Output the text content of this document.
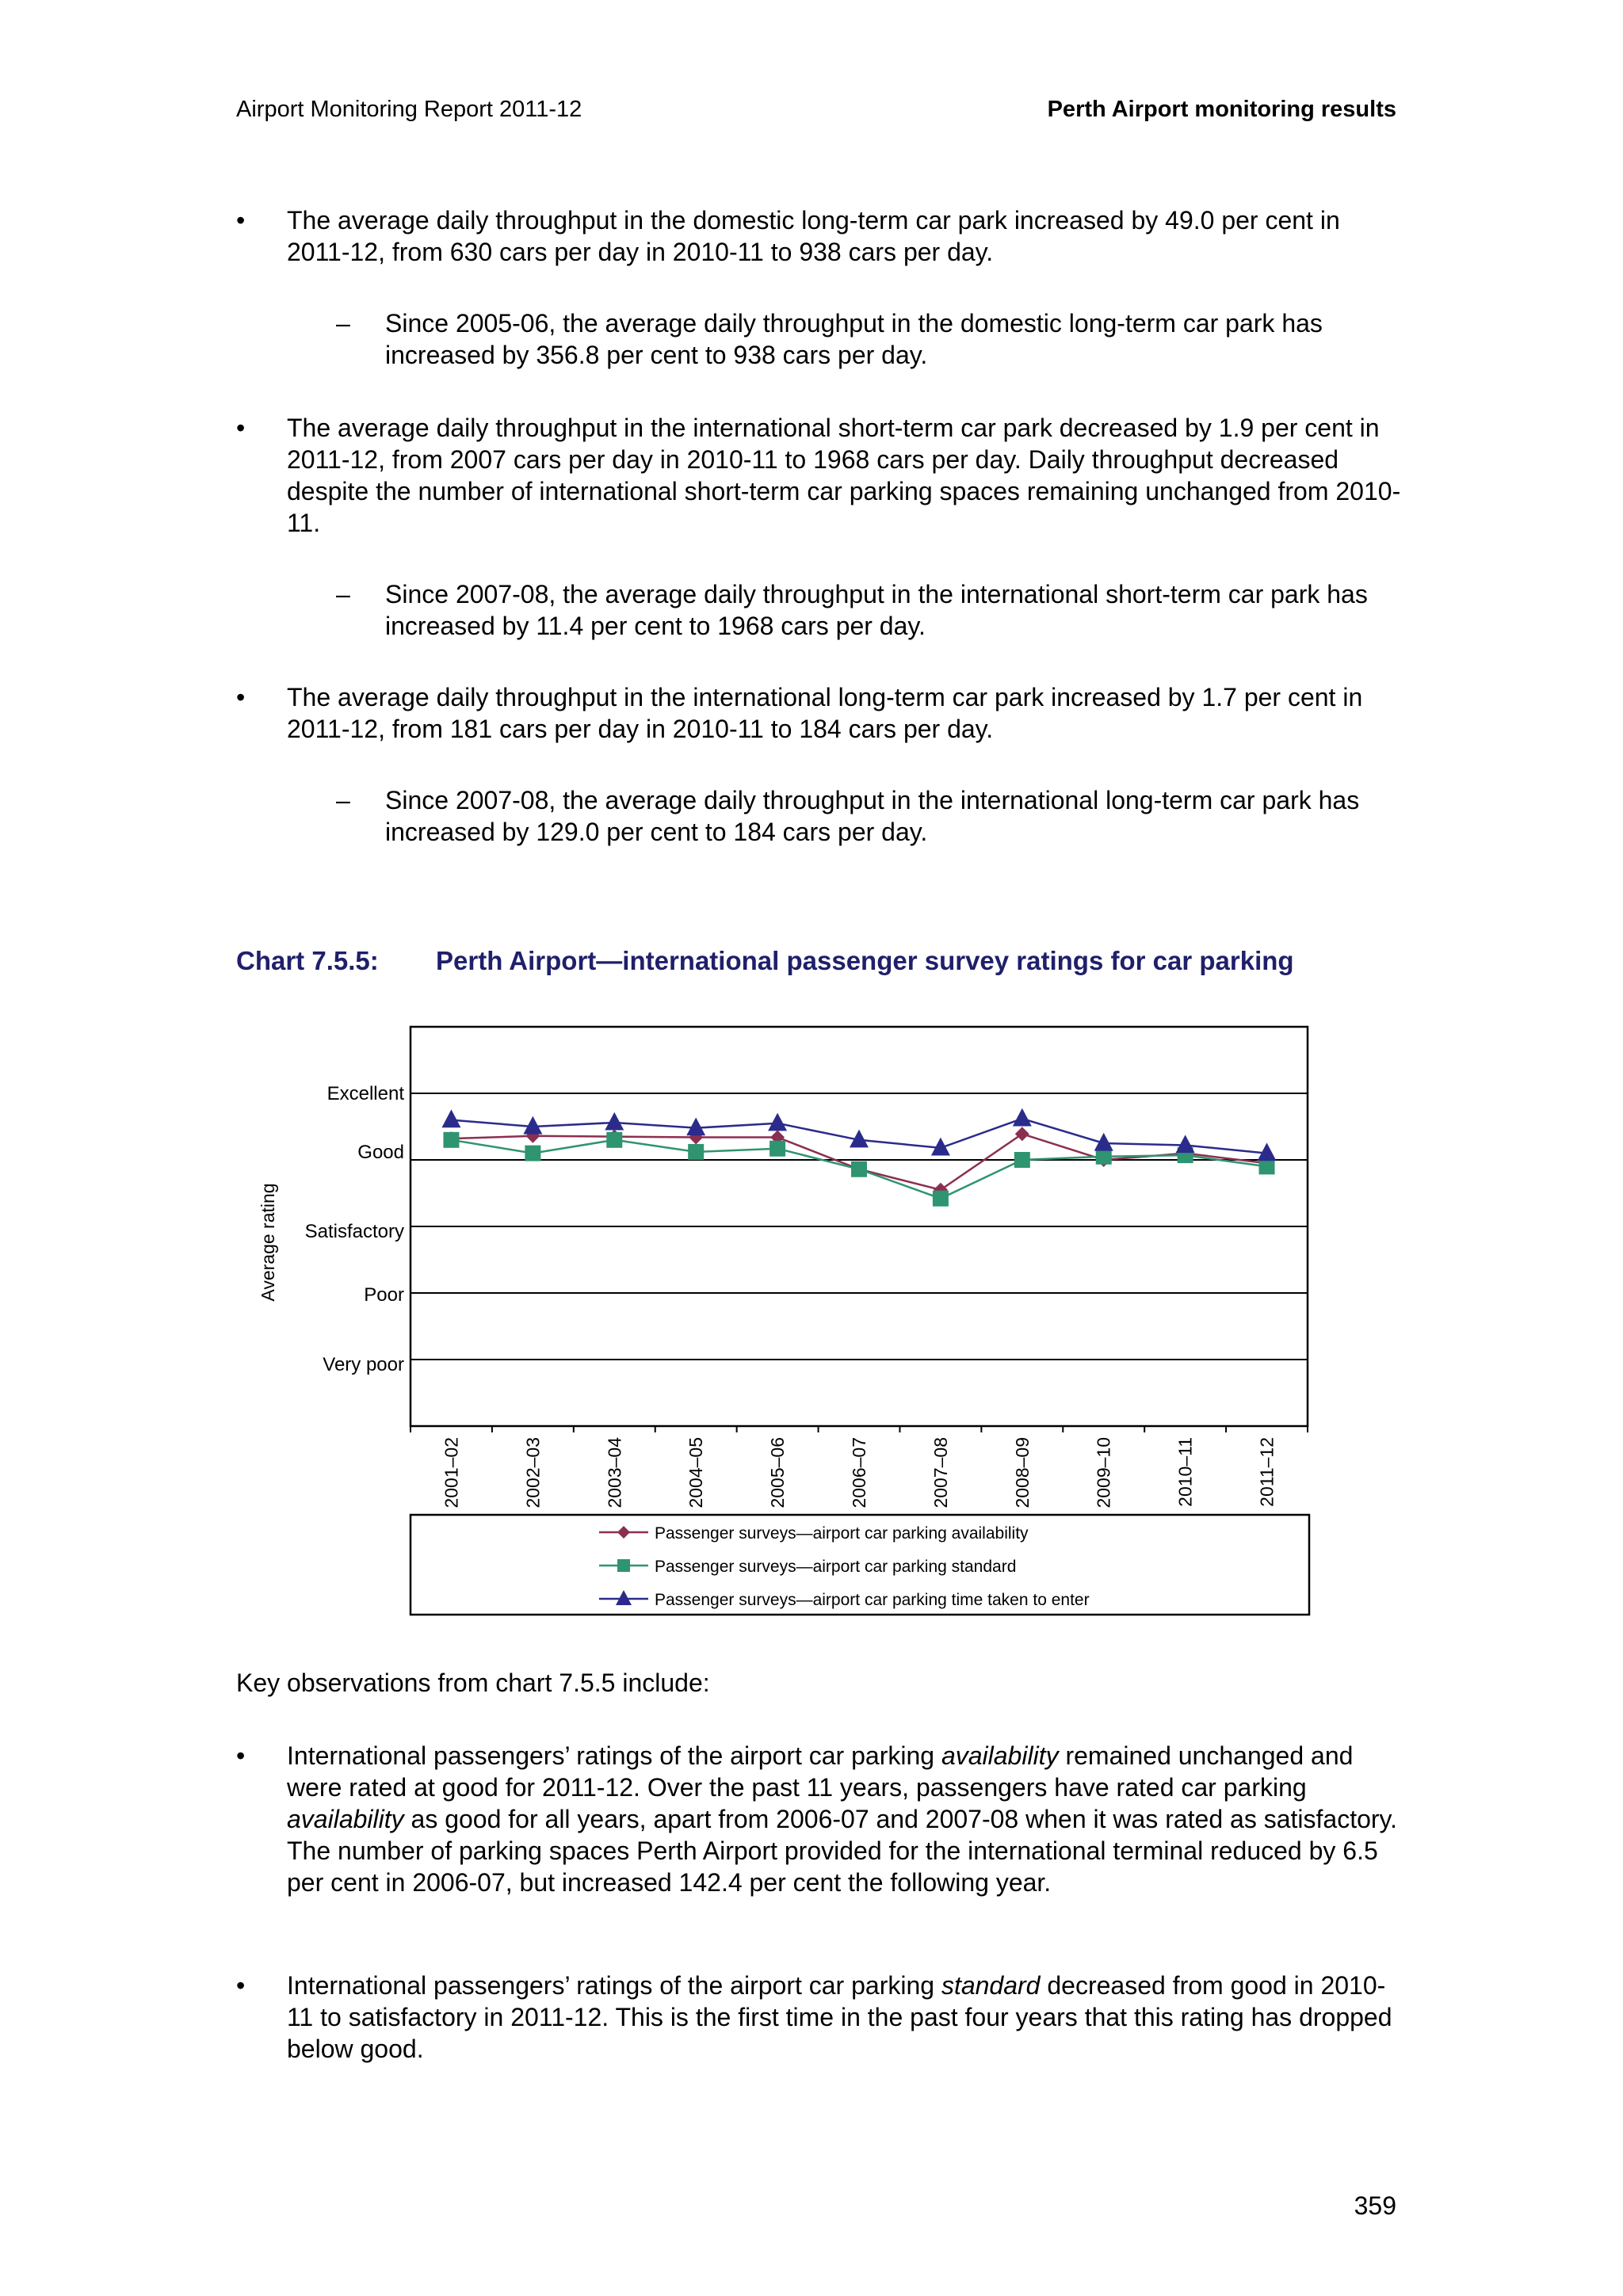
Airport Monitoring Report 2011-12	Perth Airport monitoring results
• The average daily throughput in the domestic long-term car park increased by 49.0 per cent in 2011-12, from 630 cars per day in 2010-11 to 938 cars per day.
– Since 2005-06, the average daily throughput in the domestic long-term car park has increased by 356.8 per cent to 938 cars per day.
• The average daily throughput in the international short-term car park decreased by 1.9 per cent in 2011-12, from 2007 cars per day in 2010-11 to 1968 cars per day. Daily throughput decreased despite the number of international short-term car parking spaces remaining unchanged from 2010-11.
– Since 2007-08, the average daily throughput in the international short-term car park has increased by 11.4 per cent to 1968 cars per day.
• The average daily throughput in the international long-term car park increased by 1.7 per cent in 2011-12, from 181 cars per day in 2010-11 to 184 cars per day.
– Since 2007-08, the average daily throughput in the international long-term car park has increased by 129.0 per cent to 184 cars per day.
Chart 7.5.5: Perth Airport—international passenger survey ratings for car parking
Average rating
Very poor
Poor
Satisfactory
Good
Excellent
2001–02	2002–03	2003–04	2004–05	2005–06	2006–07	2007–08	2008–09	2009–10	2010–11	2011–12
Passenger surveys—airport car parking availability
Passenger surveys—airport car parking standard
Passenger surveys—airport car parking time taken to enter
Key observations from chart 7.5.5 include:
• International passengers’ ratings of the airport car parking availability remained unchanged and were rated at good for 2011-12. Over the past 11 years, passengers have rated car parking availability as good for all years, apart from 2006-07 and 2007-08 when it was rated as satisfactory. The number of parking spaces Perth Airport provided for the international terminal reduced by 6.5 per cent in 2006-07, but increased 142.4 per cent the following year.
• International passengers’ ratings of the airport car parking standard decreased from good in 2010-11 to satisfactory in 2011-12. This is the first time in the past four years that this rating has dropped below good.
359
